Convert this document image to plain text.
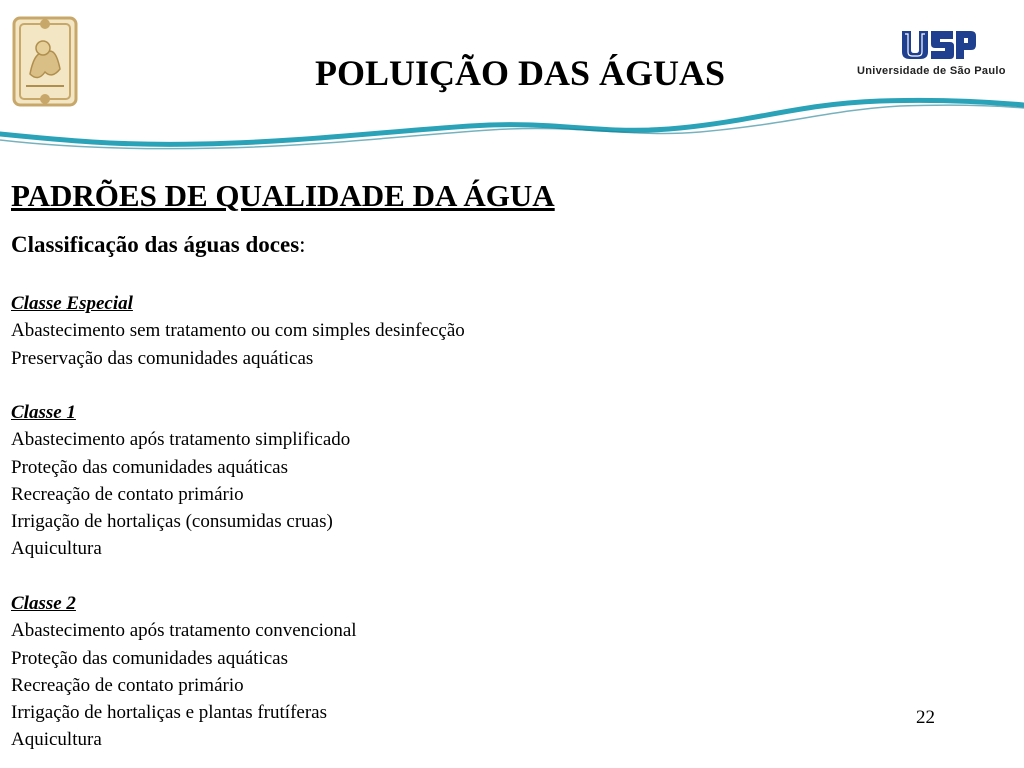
POLUIÇÃO DAS ÁGUAS	Universidade de São Paulo
PADRÕES DE QUALIDADE DA ÁGUA
Classificação das águas doces:
Classe Especial
Abastecimento sem tratamento ou com simples desinfecção
Preservação das comunidades aquáticas
Classe 1
Abastecimento após tratamento simplificado
Proteção das comunidades aquáticas
Recreação de contato primário
Irrigação de hortaliças (consumidas cruas)
Aquicultura
Classe 2
Abastecimento após tratamento convencional
Proteção das comunidades aquáticas
Recreação de contato primário
Irrigação de hortaliças e plantas frutíferas
Aquicultura
22
